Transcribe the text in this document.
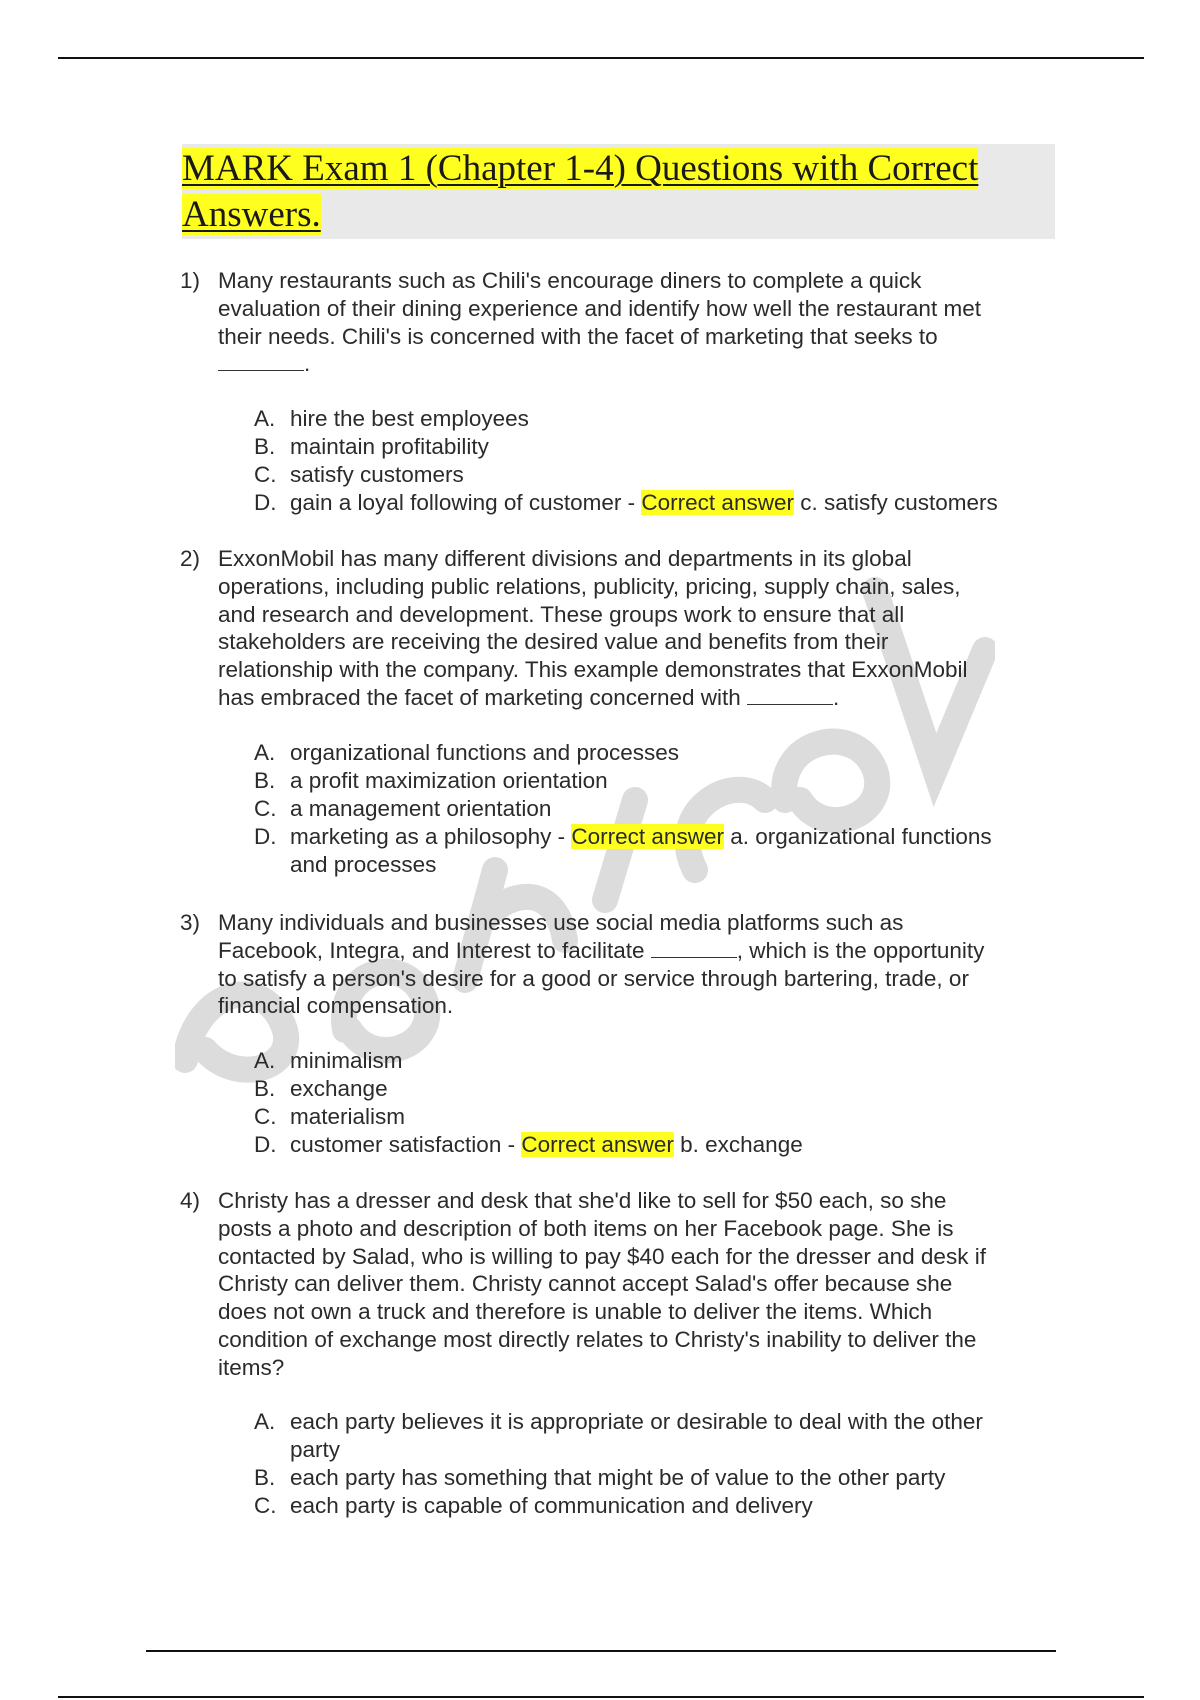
MARK Exam 1 (Chapter 1-4) Questions with Correct
Answers.
1) Many restaurants such as Chili's encourage diners to complete a quick
evaluation of their dining experience and identify how well the restaurant met
their needs. Chili's is concerned with the facet of marketing that seeks to
.
A. hire the best employees
B. maintain profitability
C. satisfy customers
D. gain a loyal following of customer - Correct answer c. satisfy customers
2) ExxonMobil has many different divisions and departments in its global
operations, including public relations, publicity, pricing, supply chain, sales,
and research and development. These groups work to ensure that all
stakeholders are receiving the desired value and benefits from their
relationship with the company. This example demonstrates that ExxonMobil
has embraced the facet of marketing concerned with	.
A. organizational functions and processes
B. a profit maximization orientation
C. a management orientation
D. marketing as a philosophy - Correct answer a. organizational functions
and processes
3) Many individuals and businesses use social media platforms such as
Facebook, Integra, and Interest to facilitate	, which is the opportunity
to satisfy a person's desire for a good or service through bartering, trade, or
financial compensation.
A. minimalism
B. exchange
C. materialism
D. customer satisfaction - Correct answer b. exchange
4) Christy has a dresser and desk that she'd like to sell for $50 each, so she
posts a photo and description of both items on her Facebook page. She is
contacted by Salad, who is willing to pay $40 each for the dresser and desk if
Christy can deliver them. Christy cannot accept Salad's offer because she
does not own a truck and therefore is unable to deliver the items. Which
condition of exchange most directly relates to Christy's inability to deliver the
items?
A. each party believes it is appropriate or desirable to deal with the other
party
B. each party has something that might be of value to the other party
C. each party is capable of communication and delivery
